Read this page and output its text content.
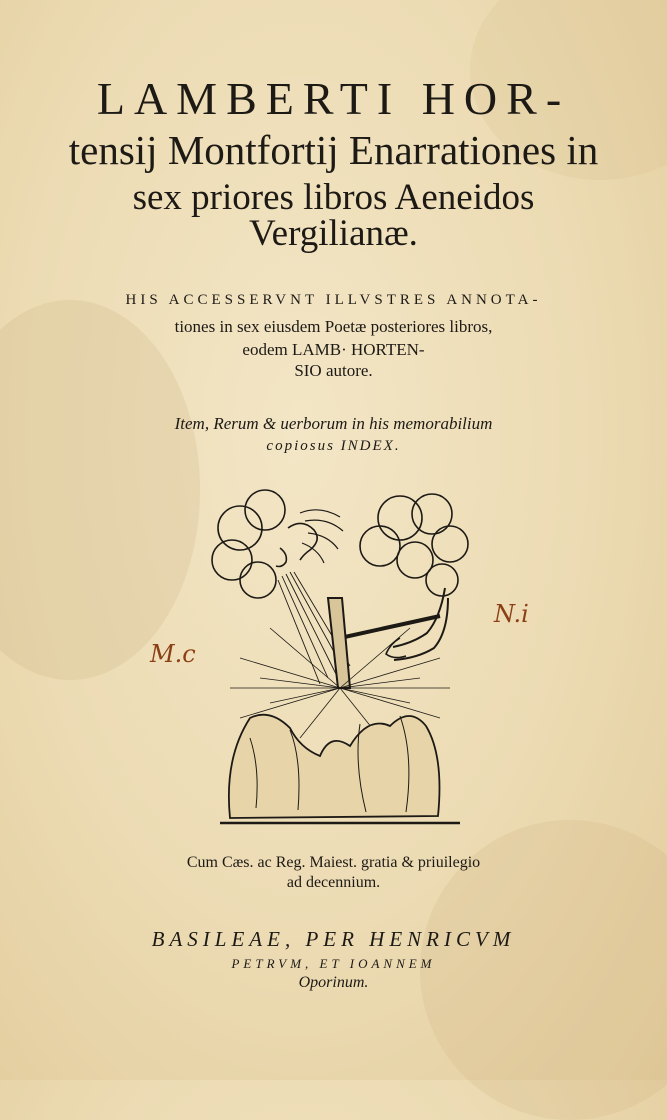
LAMBERTI HOR-
tensij Montfortij Enarrationes in
sex priores libros Aeneidos
Vergilianæ.

HIS ACCESSERVNT ILLVSTRES ANNOTA-

tiones in sex eiusdem Poetæ posteriores libros,

eodem LAMB· HORTEN-

SIO autore.

Item, Rerum & uerborum in his memorabilium

copiosus INDEX.

M.c
N.i

Cum Cæs. ac Reg. Maiest. gratia & priuilegio

ad decennium.

BASILEAE, PER HENRICVM

PETRVM, ET IOANNEM

Oporinum.
